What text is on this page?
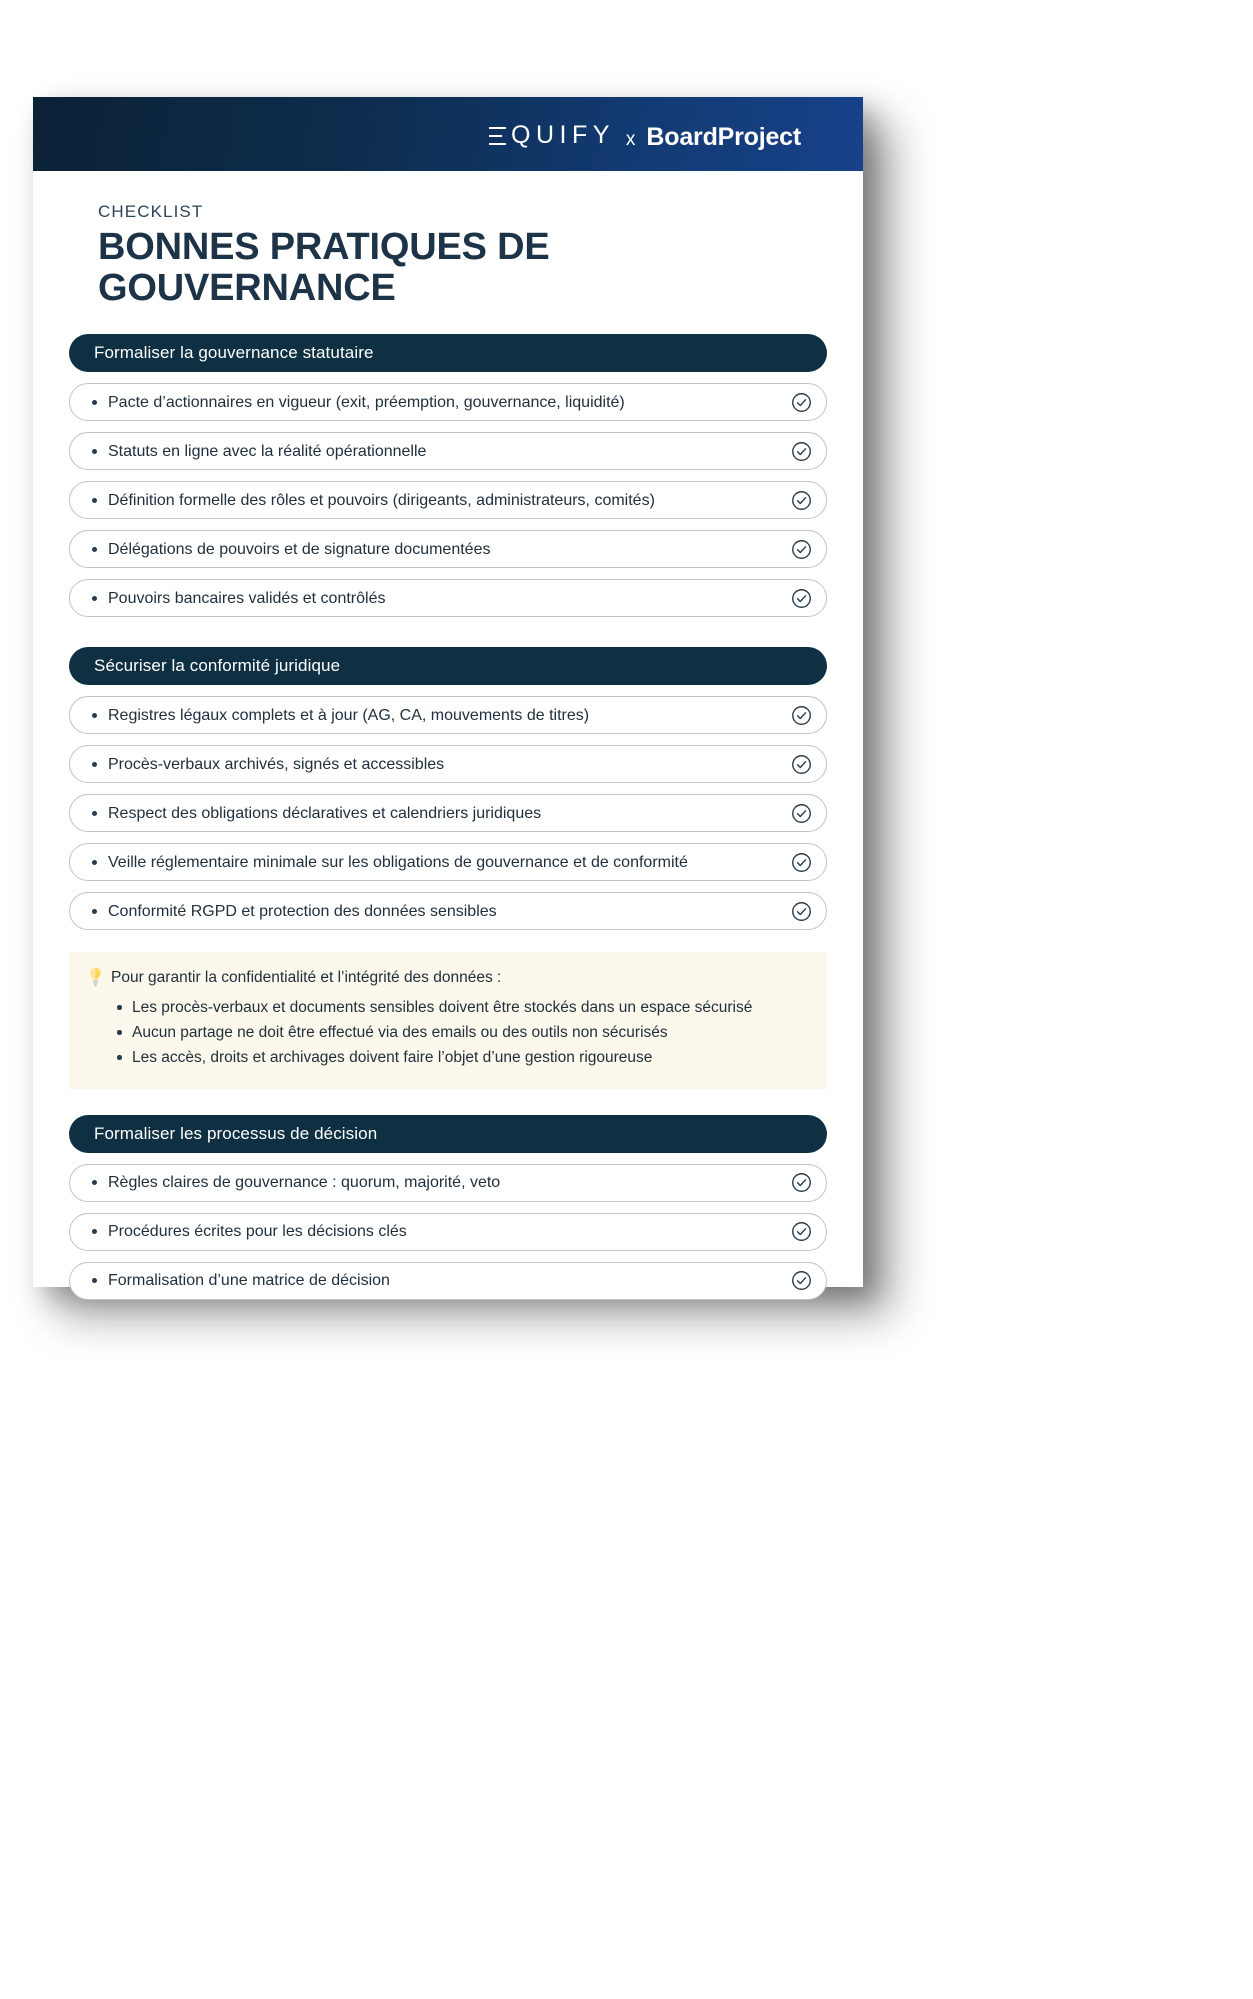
QUIFY x BoardProject
CHECKLIST
BONNES PRATIQUES DE
GOUVERNANCE
Formaliser la gouvernance statutaire
Pacte d’actionnaires en vigueur (exit, préemption, gouvernance, liquidité)
Statuts en ligne avec la réalité opérationnelle
Définition formelle des rôles et pouvoirs (dirigeants, administrateurs, comités)
Délégations de pouvoirs et de signature documentées
Pouvoirs bancaires validés et contrôlés
Sécuriser la conformité juridique
Registres légaux complets et à jour (AG, CA, mouvements de titres)
Procès-verbaux archivés, signés et accessibles
Respect des obligations déclaratives et calendriers juridiques
Veille réglementaire minimale sur les obligations de gouvernance et de conformité
Conformité RGPD et protection des données sensibles
Pour garantir la confidentialité et l’intégrité des données :
Les procès-verbaux et documents sensibles doivent être stockés dans un espace sécurisé
Aucun partage ne doit être effectué via des emails ou des outils non sécurisés
Les accès, droits et archivages doivent faire l’objet d’une gestion rigoureuse
Formaliser les processus de décision
Règles claires de gouvernance : quorum, majorité, veto
Procédures écrites pour les décisions clés
Formalisation d’une matrice de décision
